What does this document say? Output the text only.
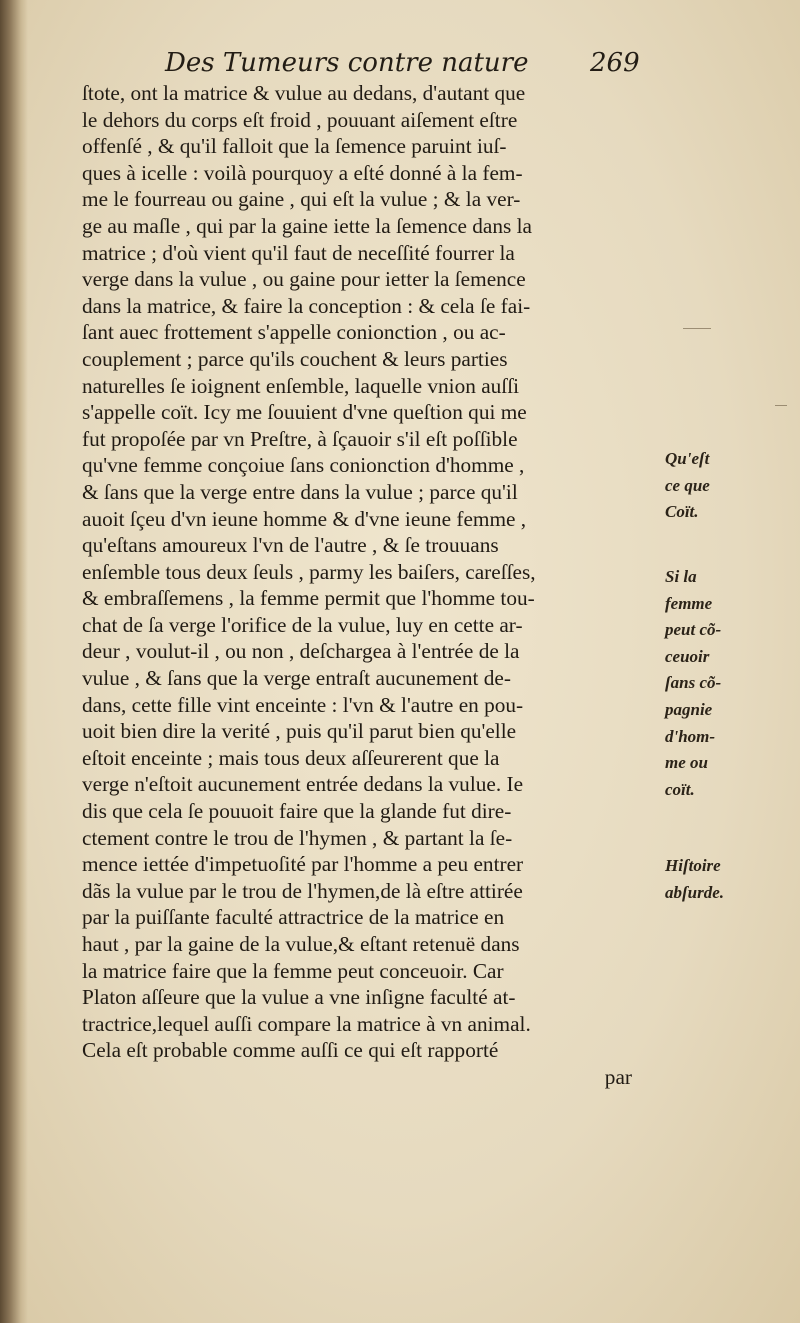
Des Tumeurs contre nature 269
ſtote, ont la matrice & vulue au dedans, d'autant que
le dehors du corps eſt froid , pouuant aiſement eſtre
offenſé , & qu'il falloit que la ſemence paruint iuſ-
ques à icelle : voilà pourquoy a eſté donné à la fem-
me le fourreau ou gaine , qui eſt la vulue ; & la ver-
ge au maſle , qui par la gaine iette la ſemence dans la
matrice ; d'où vient qu'il faut de neceſſité fourrer la
verge dans la vulue , ou gaine pour ietter la ſemence
dans la matrice, & faire la conception : & cela ſe fai-
ſant auec frottement s'appelle conionction , ou ac-
couplement ; parce qu'ils couchent & leurs parties
naturelles ſe ioignent enſemble, laquelle vnion auſſi
s'appelle coït. Icy me ſouuient d'vne queſtion qui me
fut propoſée par vn Preſtre, à ſçauoir s'il eſt poſſible
qu'vne femme conçoiue ſans conionction d'homme ,
& ſans que la verge entre dans la vulue ; parce qu'il
auoit ſçeu d'vn ieune homme & d'vne ieune femme ,
qu'eſtans amoureux l'vn de l'autre , & ſe trouuans
enſemble tous deux ſeuls , parmy les baiſers, careſſes,
& embraſſemens , la femme permit que l'homme tou-
chat de ſa verge l'orifice de la vulue, luy en cette ar-
deur , voulut-il , ou non , deſchargea à l'entrée de la
vulue , & ſans que la verge entraſt aucunement de-
dans, cette fille vint enceinte : l'vn & l'autre en pou-
uoit bien dire la verité , puis qu'il parut bien qu'elle
eſtoit enceinte ; mais tous deux aſſeurerent que la
verge n'eſtoit aucunement entrée dedans la vulue. Ie
dis que cela ſe pouuoit faire que la glande fut dire-
ctement contre le trou de l'hymen , & partant la ſe-
mence iettée d'impetuoſité par l'homme a peu entrer
dãs la vulue par le trou de l'hymen,de là eſtre attirée
par la puiſſante faculté attractrice de la matrice en
haut , par la gaine de la vulue,& eſtant retenuë dans
la matrice faire que la femme peut conceuoir. Car
Platon aſſeure que la vulue a vne inſigne faculté at-
tractrice,lequel auſſi compare la matrice à vn animal.
Cela eſt probable comme auſſi ce qui eſt rapporté
par
Qu'eſt
ce que
Coït.
Si la
femme
peut cõ-
ceuoir
ſans cõ-
pagnie
d'hom-
me ou
coït.
Hiſtoire
abſurde.
